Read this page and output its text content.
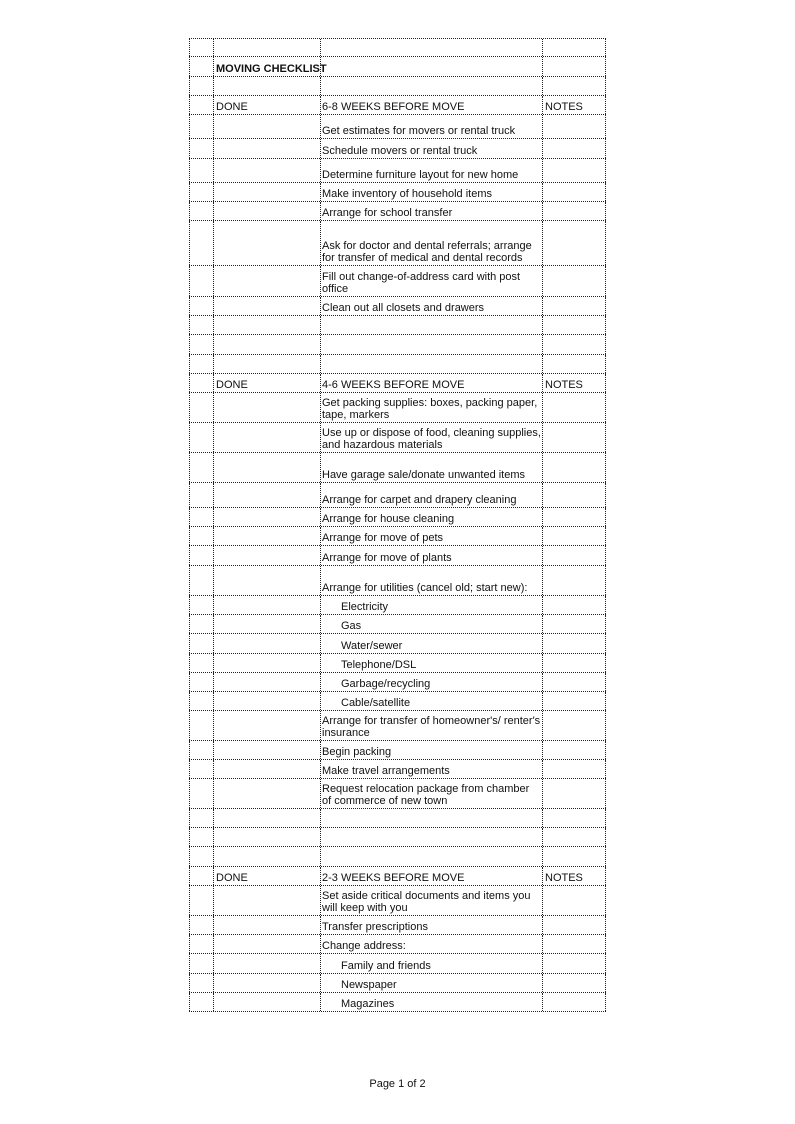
MOVING CHECKLIST
DONE	6-8 WEEKS BEFORE MOVE	NOTES
Get estimates for movers or rental truck
Schedule movers or rental truck
Determine furniture layout for new home
Make inventory of household items
Arrange for school transfer
Ask for doctor and dental referrals; arrange for transfer of medical and dental records
Fill out change-of-address card with post office
Clean out all closets and drawers
DONE	4-6 WEEKS BEFORE MOVE	NOTES
Get packing supplies: boxes, packing paper, tape, markers
Use up or dispose of food, cleaning supplies, and hazardous materials
Have garage sale/donate unwanted items
Arrange for carpet and drapery cleaning
Arrange for house cleaning
Arrange for move of pets
Arrange for move of plants
Arrange for utilities (cancel old; start new):
Electricity
Gas
Water/sewer
Telephone/DSL
Garbage/recycling
Cable/satellite
Arrange for transfer of homeowner's/ renter's insurance
Begin packing
Make travel arrangements
Request relocation package from chamber of commerce of new town
DONE	2-3 WEEKS BEFORE MOVE	NOTES
Set aside critical documents and items you will keep with you
Transfer prescriptions
Change address:
Family and friends
Newspaper
Magazines
Page 1 of 2
